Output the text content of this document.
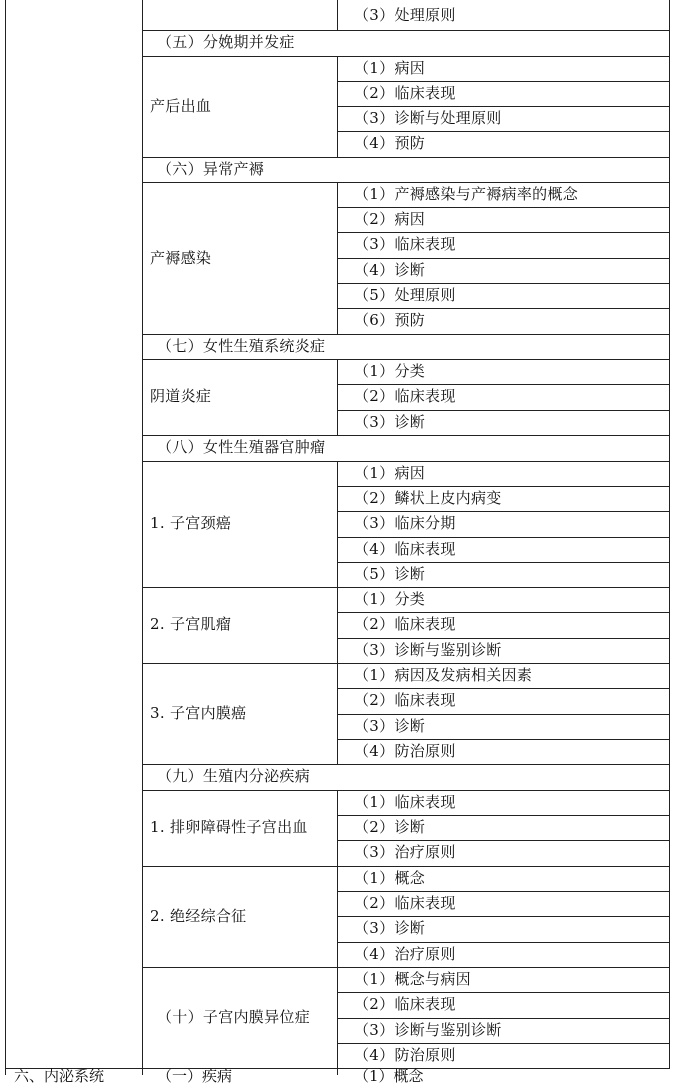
（3）处理原则
（五）分娩期并发症
产后出血
（1）病因
（2）临床表现
（3）诊断与处理原则
（4）预防
（六）异常产褥
产褥感染
（1）产褥感染与产褥病率的概念
（2）病因
（3）临床表现
（4）诊断
（5）处理原则
（6）预防
（七）女性生殖系统炎症
阴道炎症
（1）分类
（2）临床表现
（3）诊断
（八）女性生殖器官肿瘤
1. 子宫颈癌
（1）病因
（2）鳞状上皮内病变
（3）临床分期
（4）临床表现
（5）诊断
2. 子宫肌瘤
（1）分类
（2）临床表现
（3）诊断与鉴别诊断
3. 子宫内膜癌
（1）病因及发病相关因素
（2）临床表现
（3）诊断
（4）防治原则
（九）生殖内分泌疾病
1. 排卵障碍性子宫出血
（1）临床表现
（2）诊断
（3）治疗原则
2. 绝经综合征
（1）概念
（2）临床表现
（3）诊断
（4）治疗原则
（十）子宫内膜异位症
（1）概念与病因
（2）临床表现
（3）诊断与鉴别诊断
（4）防治原则
六、内泌系统	（一）疾病	（1）概念
